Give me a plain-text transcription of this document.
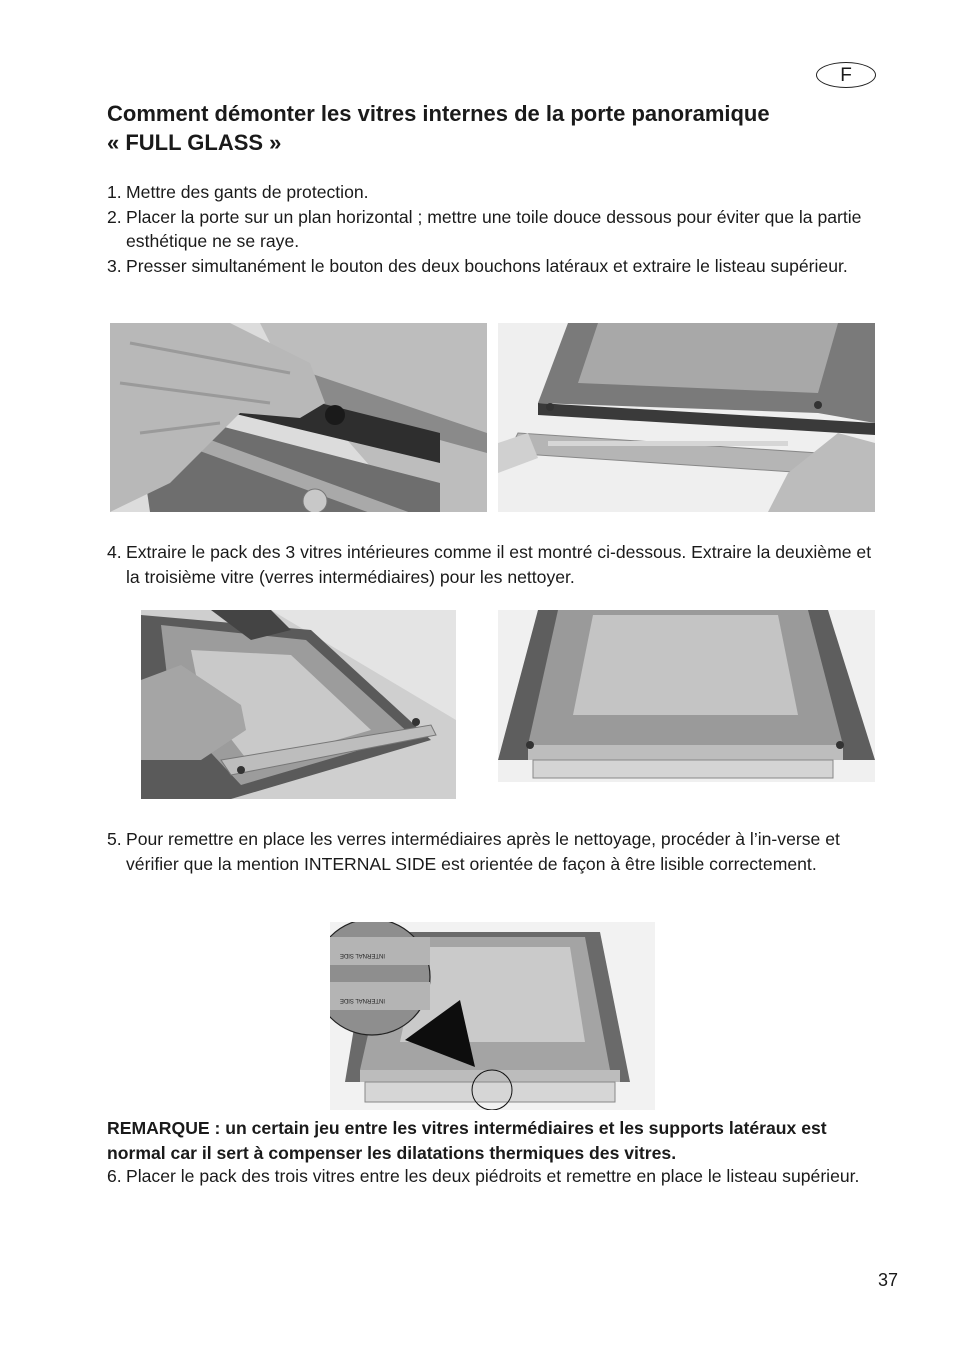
F
Comment démonter les vitres internes de la porte panoramique
« FULL GLASS »
1. Mettre des gants de protection.
2. Placer la porte sur un plan horizontal ; mettre une toile douce dessous pour éviter que la partie esthétique ne se raye.
3. Presser simultanément le bouton des deux bouchons latéraux et extraire le listeau supérieur.
4. Extraire le pack des 3 vitres intérieures comme il est montré ci-dessous. Extraire la deuxième et la troisième vitre (verres intermédiaires) pour les nettoyer.
5. Pour remettre en place les verres intermédiaires après le nettoyage, procéder à l’in-verse et vérifier que la mention INTERNAL SIDE est orientée de façon à être lisible correctement.
INTERNAL SIDE
INTERNAL SIDE

REMARQUE : un certain jeu entre les vitres intermédiaires et les supports latéraux est normal car il sert à compenser les dilatations thermiques des vitres.

6. Placer le pack des trois vitres entre les deux piédroits et remettre en place le listeau supérieur.
37
